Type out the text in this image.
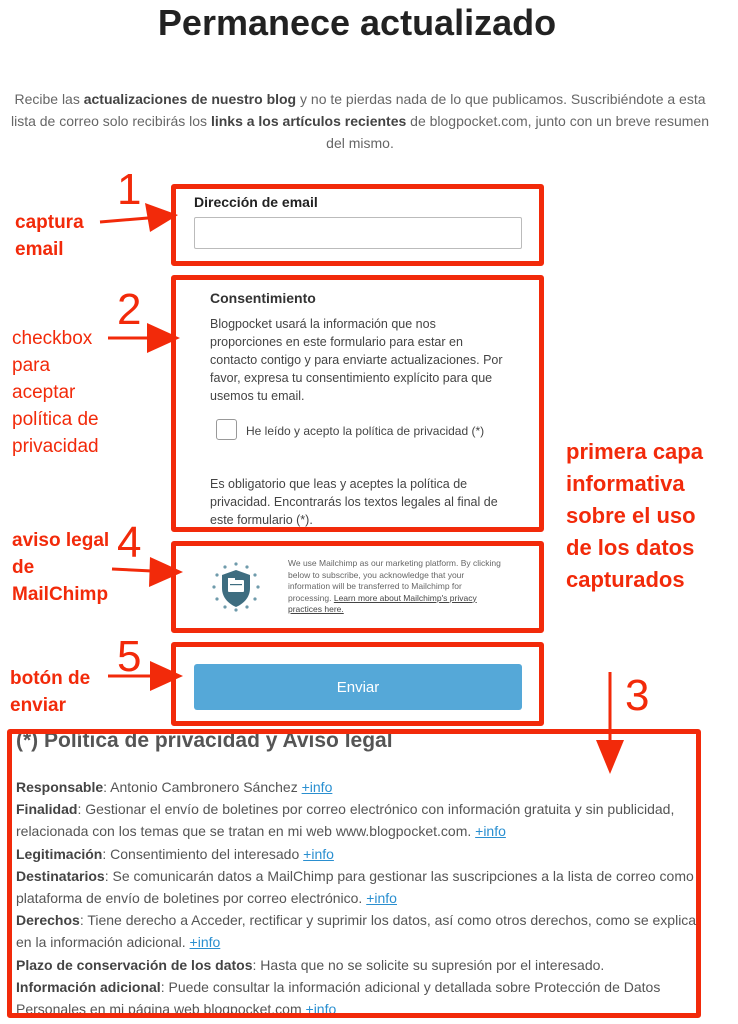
Permanece actualizado
Recibe las actualizaciones de nuestro blog y no te pierdas nada de lo que publicamos. Suscribiéndote a esta lista de correo solo recibirás los links a los artículos recientes de blogpocket.com, junto con un breve resumen del mismo.
Dirección de email
Consentimiento
Blogpocket usará la información que nos proporciones en este formulario para estar en contacto contigo y para enviarte actualizaciones. Por favor, expresa tu consentimiento explícito para que usemos tu email.
He leído y acepto la política de privacidad (*)
Es obligatorio que leas y aceptes la política de privacidad. Encontrarás los textos legales al final de este formulario (*).
We use Mailchimp as our marketing platform. By clicking below to subscribe, you acknowledge that your information will be transferred to Mailchimp for processing. Learn more about Mailchimp's privacy practices here.
Enviar
(*) Política de privacidad y Aviso legal
Responsable: Antonio Cambronero Sánchez +info
Finalidad: Gestionar el envío de boletines por correo electrónico con información gratuita y sin publicidad, relacionada con los temas que se tratan en mi web www.blogpocket.com. +info
Legitimación: Consentimiento del interesado +info
Destinatarios: Se comunicarán datos a MailChimp para gestionar las suscripciones a la lista de correo como plataforma de envío de boletines por correo electrónico. +info
Derechos: Tiene derecho a Acceder, rectificar y suprimir los datos, así como otros derechos, como se explica en la información adicional. +info
Plazo de conservación de los datos: Hasta que no se solicite su supresión por el interesado.
Información adicional: Puede consultar la información adicional y detallada sobre Protección de Datos Personales en mi página web blogpocket.com +info
1
2
3
4
5
captura email
checkbox para aceptar política de privacidad
aviso legal de MailChimp
botón de enviar
primera capa informativa sobre el uso de los datos capturados
